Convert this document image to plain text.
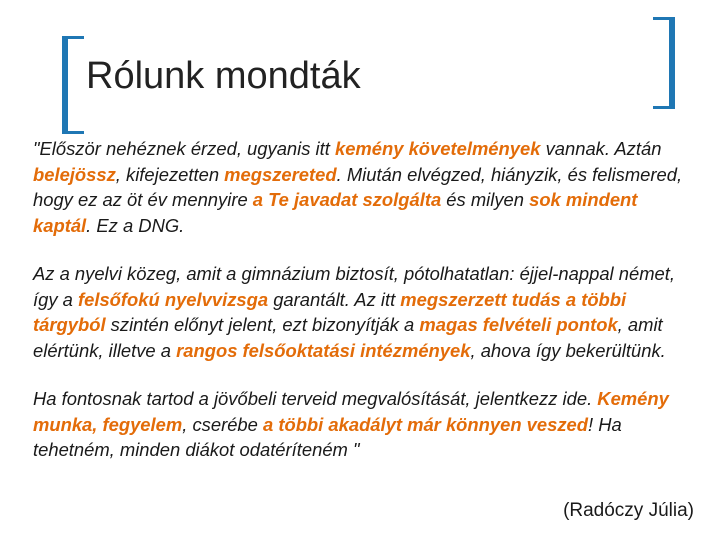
Rólunk mondták

"Először nehéznek érzed, ugyanis itt kemény követelmények vannak. Aztán belejössz, kifejezetten megszereted. Miután elvégzed, hiányzik, és felismered, hogy ez az öt év mennyire a Te javadat szolgálta és milyen sok mindent kaptál. Ez a DNG.

Az a nyelvi közeg, amit a gimnázium biztosít, pótolhatatlan: éjjel-nappal német, így a felsőfokú nyelvvizsga garantált. Az itt megszerzett tudás a többi tárgyból szintén előnyt jelent, ezt bizonyítják a magas felvételi pontok, amit elértünk, illetve a rangos felsőoktatási intézmények, ahova így bekerültünk.

Ha fontosnak tartod a jövőbeli terveid megvalósítását, jelentkezz ide. Kemény munka, fegyelem, cserébe a többi akadályt már könnyen veszed! Ha tehetném, minden diákot odatéríteném "

(Radóczy Júlia)
